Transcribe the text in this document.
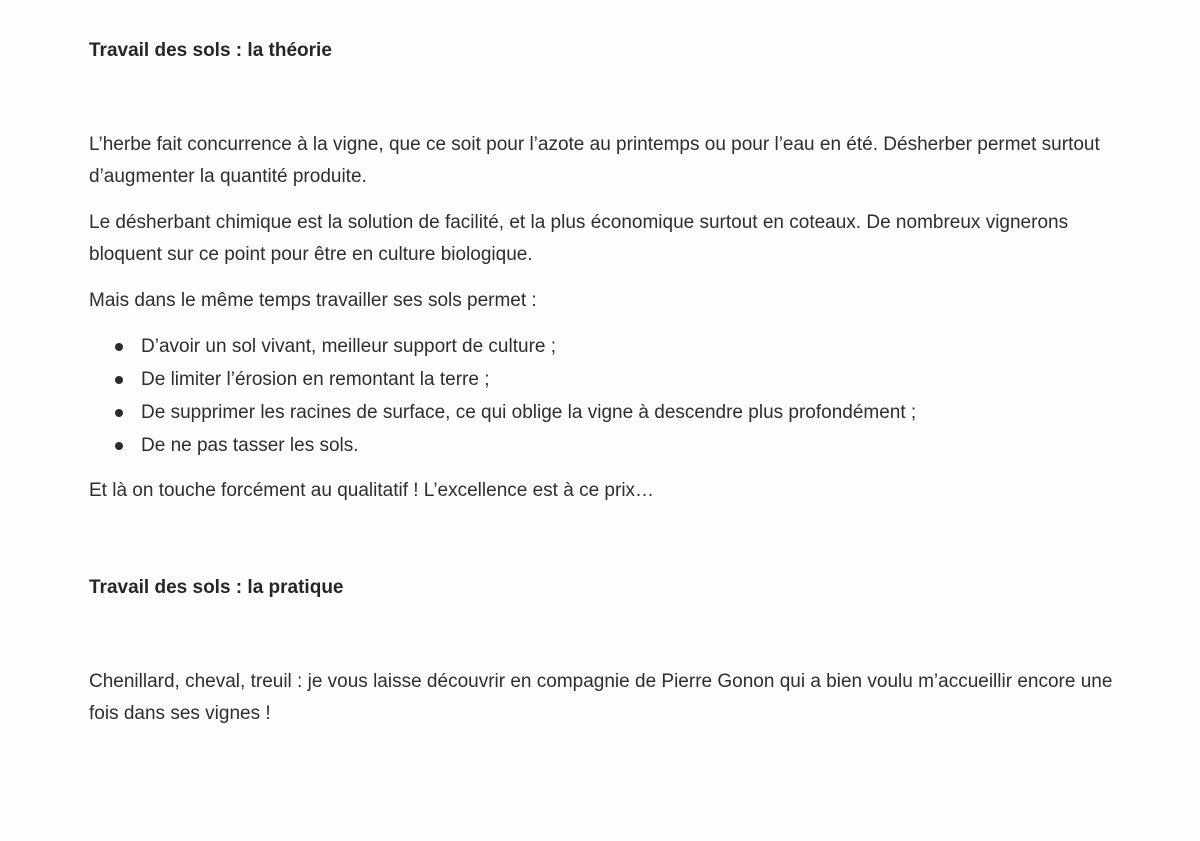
Travail des sols : la théorie

L’herbe fait concurrence à la vigne, que ce soit pour l’azote au printemps ou pour l’eau en été. Désherber permet surtout d’augmenter la quantité produite.

Le désherbant chimique est la solution de facilité, et la plus économique surtout en coteaux. De nombreux vignerons bloquent sur ce point pour être en culture biologique.

Mais dans le même temps travailler ses sols permet :

D’avoir un sol vivant, meilleur support de culture ;
De limiter l’érosion en remontant la terre ;
De supprimer les racines de surface, ce qui oblige la vigne à descendre plus profondément ;
De ne pas tasser les sols.

Et là on touche forcément au qualitatif ! L’excellence est à ce prix…

Travail des sols : la pratique

Chenillard, cheval, treuil : je vous laisse découvrir en compagnie de Pierre Gonon qui a bien voulu m’accueillir encore une fois dans ses vignes !
